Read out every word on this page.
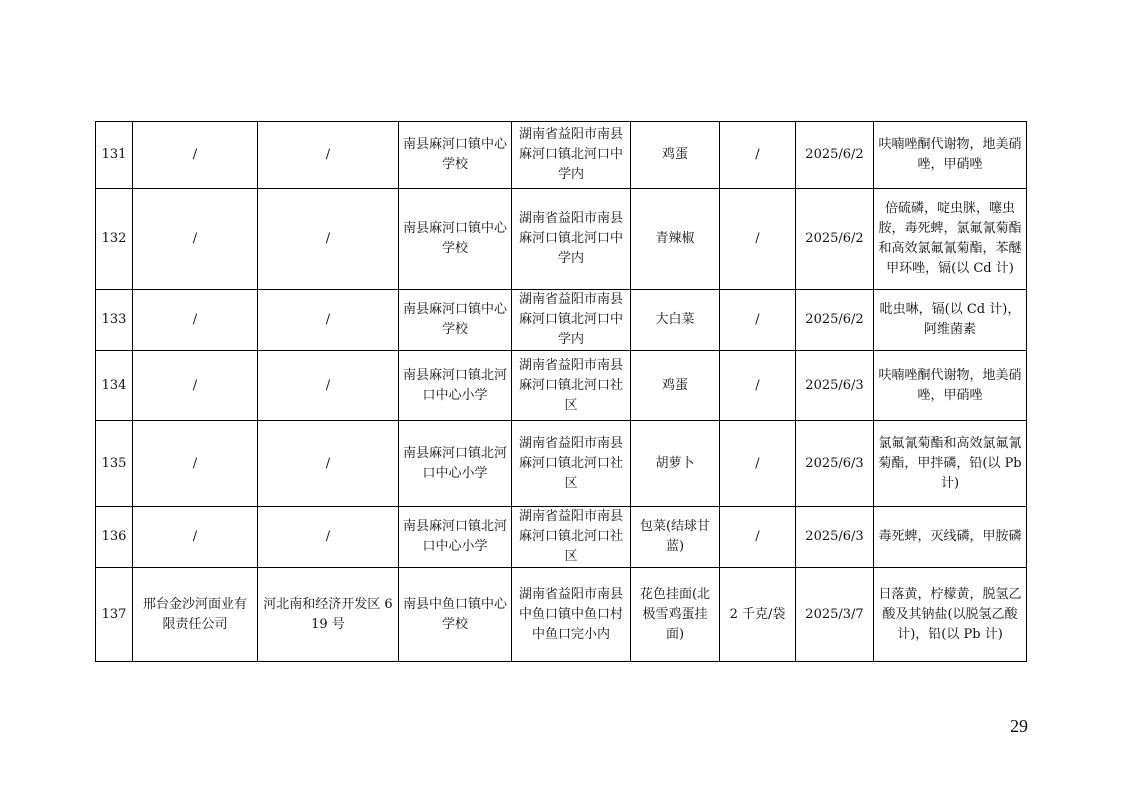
131	/	/	南县麻河口镇中心学校	湖南省益阳市南县麻河口镇北河口中学内	鸡蛋	/	2025/6/2	呋喃唑酮代谢物，地美硝唑，甲硝唑
132	/	/	南县麻河口镇中心学校	湖南省益阳市南县麻河口镇北河口中学内	青辣椒	/	2025/6/2	倍硫磷，啶虫脒，噻虫胺，毒死蜱，氯氟氰菊酯和高效氯氟氰菊酯，苯醚甲环唑，镉(以 Cd 计)
133	/	/	南县麻河口镇中心学校	湖南省益阳市南县麻河口镇北河口中学内	大白菜	/	2025/6/2	吡虫啉，镉(以 Cd 计)，阿维菌素
134	/	/	南县麻河口镇北河口中心小学	湖南省益阳市南县麻河口镇北河口社区	鸡蛋	/	2025/6/3	呋喃唑酮代谢物，地美硝唑，甲硝唑
135	/	/	南县麻河口镇北河口中心小学	湖南省益阳市南县麻河口镇北河口社区	胡萝卜	/	2025/6/3	氯氟氰菊酯和高效氯氟氰菊酯，甲拌磷，铅(以 Pb 计)
136	/	/	南县麻河口镇北河口中心小学	湖南省益阳市南县麻河口镇北河口社区	包菜(结球甘蓝)	/	2025/6/3	毒死蜱，灭线磷，甲胺磷
137	邢台金沙河面业有限责任公司	河北南和经济开发区 619 号	南县中鱼口镇中心学校	湖南省益阳市南县中鱼口镇中鱼口村中鱼口完小内	花色挂面(北极雪鸡蛋挂面)	2 千克/袋	2025/3/7	日落黄，柠檬黄，脱氢乙酸及其钠盐(以脱氢乙酸计)，铅(以 Pb 计)
29
